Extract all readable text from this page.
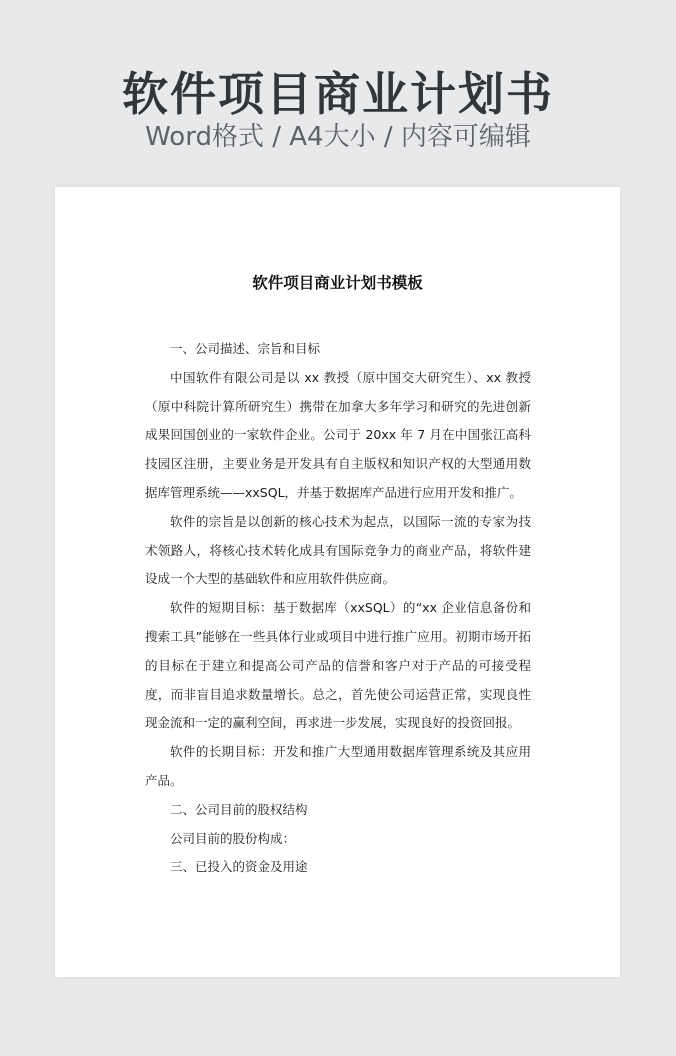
软件项目商业计划书
Word格式 / A4大小 / 内容可编辑
软件项目商业计划书模板

一、公司描述、宗旨和目标

中国软件有限公司是以 xx 教授（原中国交大研究生）、xx 教授（原中科院计算所研究生）携带在加拿大多年学习和研究的先进创新成果回国创业的一家软件企业。公司于 20xx 年 7 月在中国张江高科技园区注册，主要业务是开发具有自主版权和知识产权的大型通用数据库管理系统——xxSQL，并基于数据库产品进行应用开发和推广。

软件的宗旨是以创新的核心技术为起点，以国际一流的专家为技术领路人，将核心技术转化成具有国际竞争力的商业产品，将软件建设成一个大型的基础软件和应用软件供应商。

软件的短期目标：基于数据库（xxSQL）的“xx 企业信息备份和搜索工具”能够在一些具体行业或项目中进行推广应用。初期市场开拓的目标在于建立和提高公司产品的信誉和客户对于产品的可接受程度，而非盲目追求数量增长。总之，首先使公司运营正常，实现良性现金流和一定的赢利空间，再求进一步发展，实现良好的投资回报。

软件的长期目标：开发和推广大型通用数据库管理系统及其应用产品。

二、公司目前的股权结构

公司目前的股份构成：

三、已投入的资金及用途
